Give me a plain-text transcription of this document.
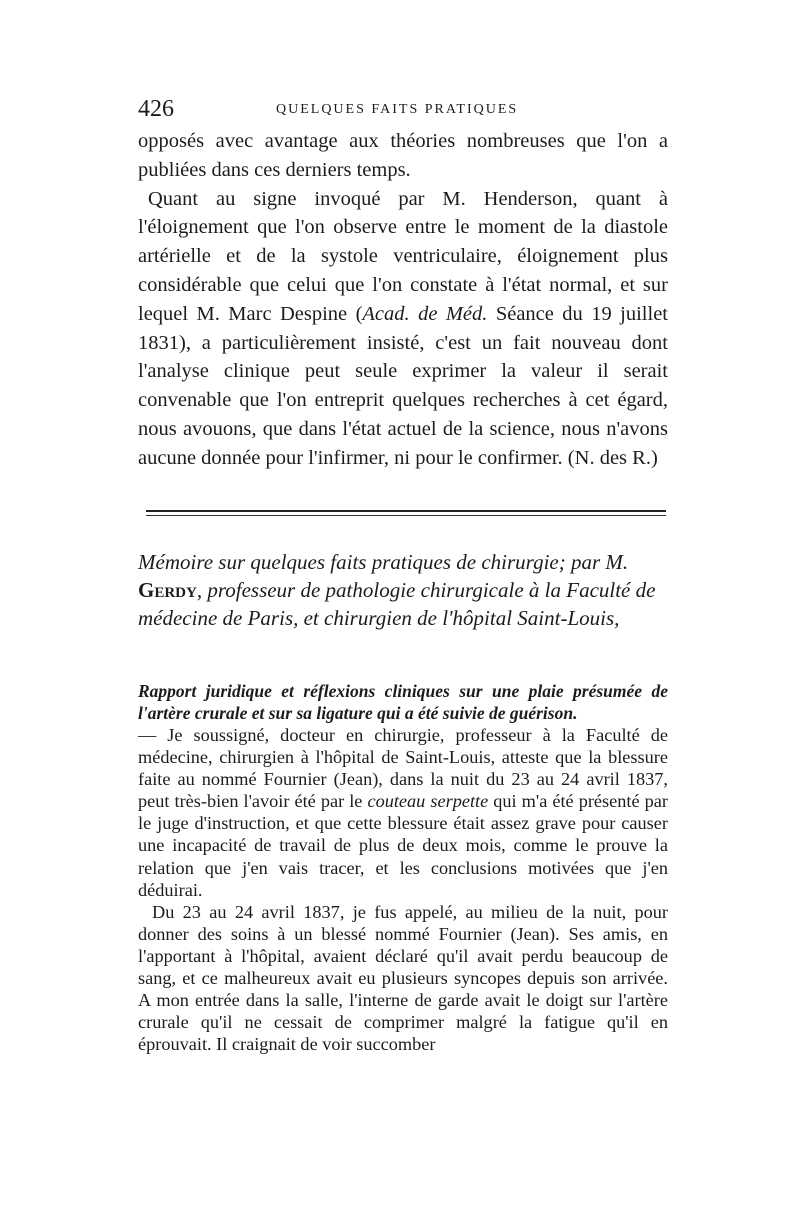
426	QUELQUES FAITS PRATIQUES

opposés avec avantage aux théories nombreuses que l'on a publiées dans ces derniers temps.

Quant au signe invoqué par M. Henderson, quant à l'éloignement que l'on observe entre le moment de la diastole artérielle et de la systole ventriculaire, éloignement plus considérable que celui que l'on constate à l'état normal, et sur lequel M. Marc Despine (Acad. de Méd. Séance du 19 juillet 1831), a particulièrement insisté, c'est un fait nouveau dont l'analyse clinique peut seule exprimer la valeur il serait convenable que l'on entreprit quelques recherches à cet égard, nous avouons, que dans l'état actuel de la science, nous n'avons aucune donnée pour l'infirmer, ni pour le confirmer. (N. des R.)

Mémoire sur quelques faits pratiques de chirurgie; par M. Gerdy, professeur de pathologie chirurgicale à la Faculté de médecine de Paris, et chirurgien de l'hôpital Saint-Louis,

Rapport juridique et réflexions cliniques sur une plaie présumée de l'artère crurale et sur sa ligature qui a été suivie de guérison.

— Je soussigné, docteur en chirurgie, professeur à la Faculté de médecine, chirurgien à l'hôpital de Saint-Louis, atteste que la blessure faite au nommé Fournier (Jean), dans la nuit du 23 au 24 avril 1837, peut très-bien l'avoir été par le couteau serpette qui m'a été présenté par le juge d'instruction, et que cette blessure était assez grave pour causer une incapacité de travail de plus de deux mois, comme le prouve la relation que j'en vais tracer, et les conclusions motivées que j'en déduirai.

Du 23 au 24 avril 1837, je fus appelé, au milieu de la nuit, pour donner des soins à un blessé nommé Fournier (Jean). Ses amis, en l'apportant à l'hôpital, avaient déclaré qu'il avait perdu beaucoup de sang, et ce malheureux avait eu plusieurs syncopes depuis son arrivée. A mon entrée dans la salle, l'interne de garde avait le doigt sur l'artère crurale qu'il ne cessait de comprimer malgré la fatigue qu'il en éprouvait. Il craignait de voir succomber
